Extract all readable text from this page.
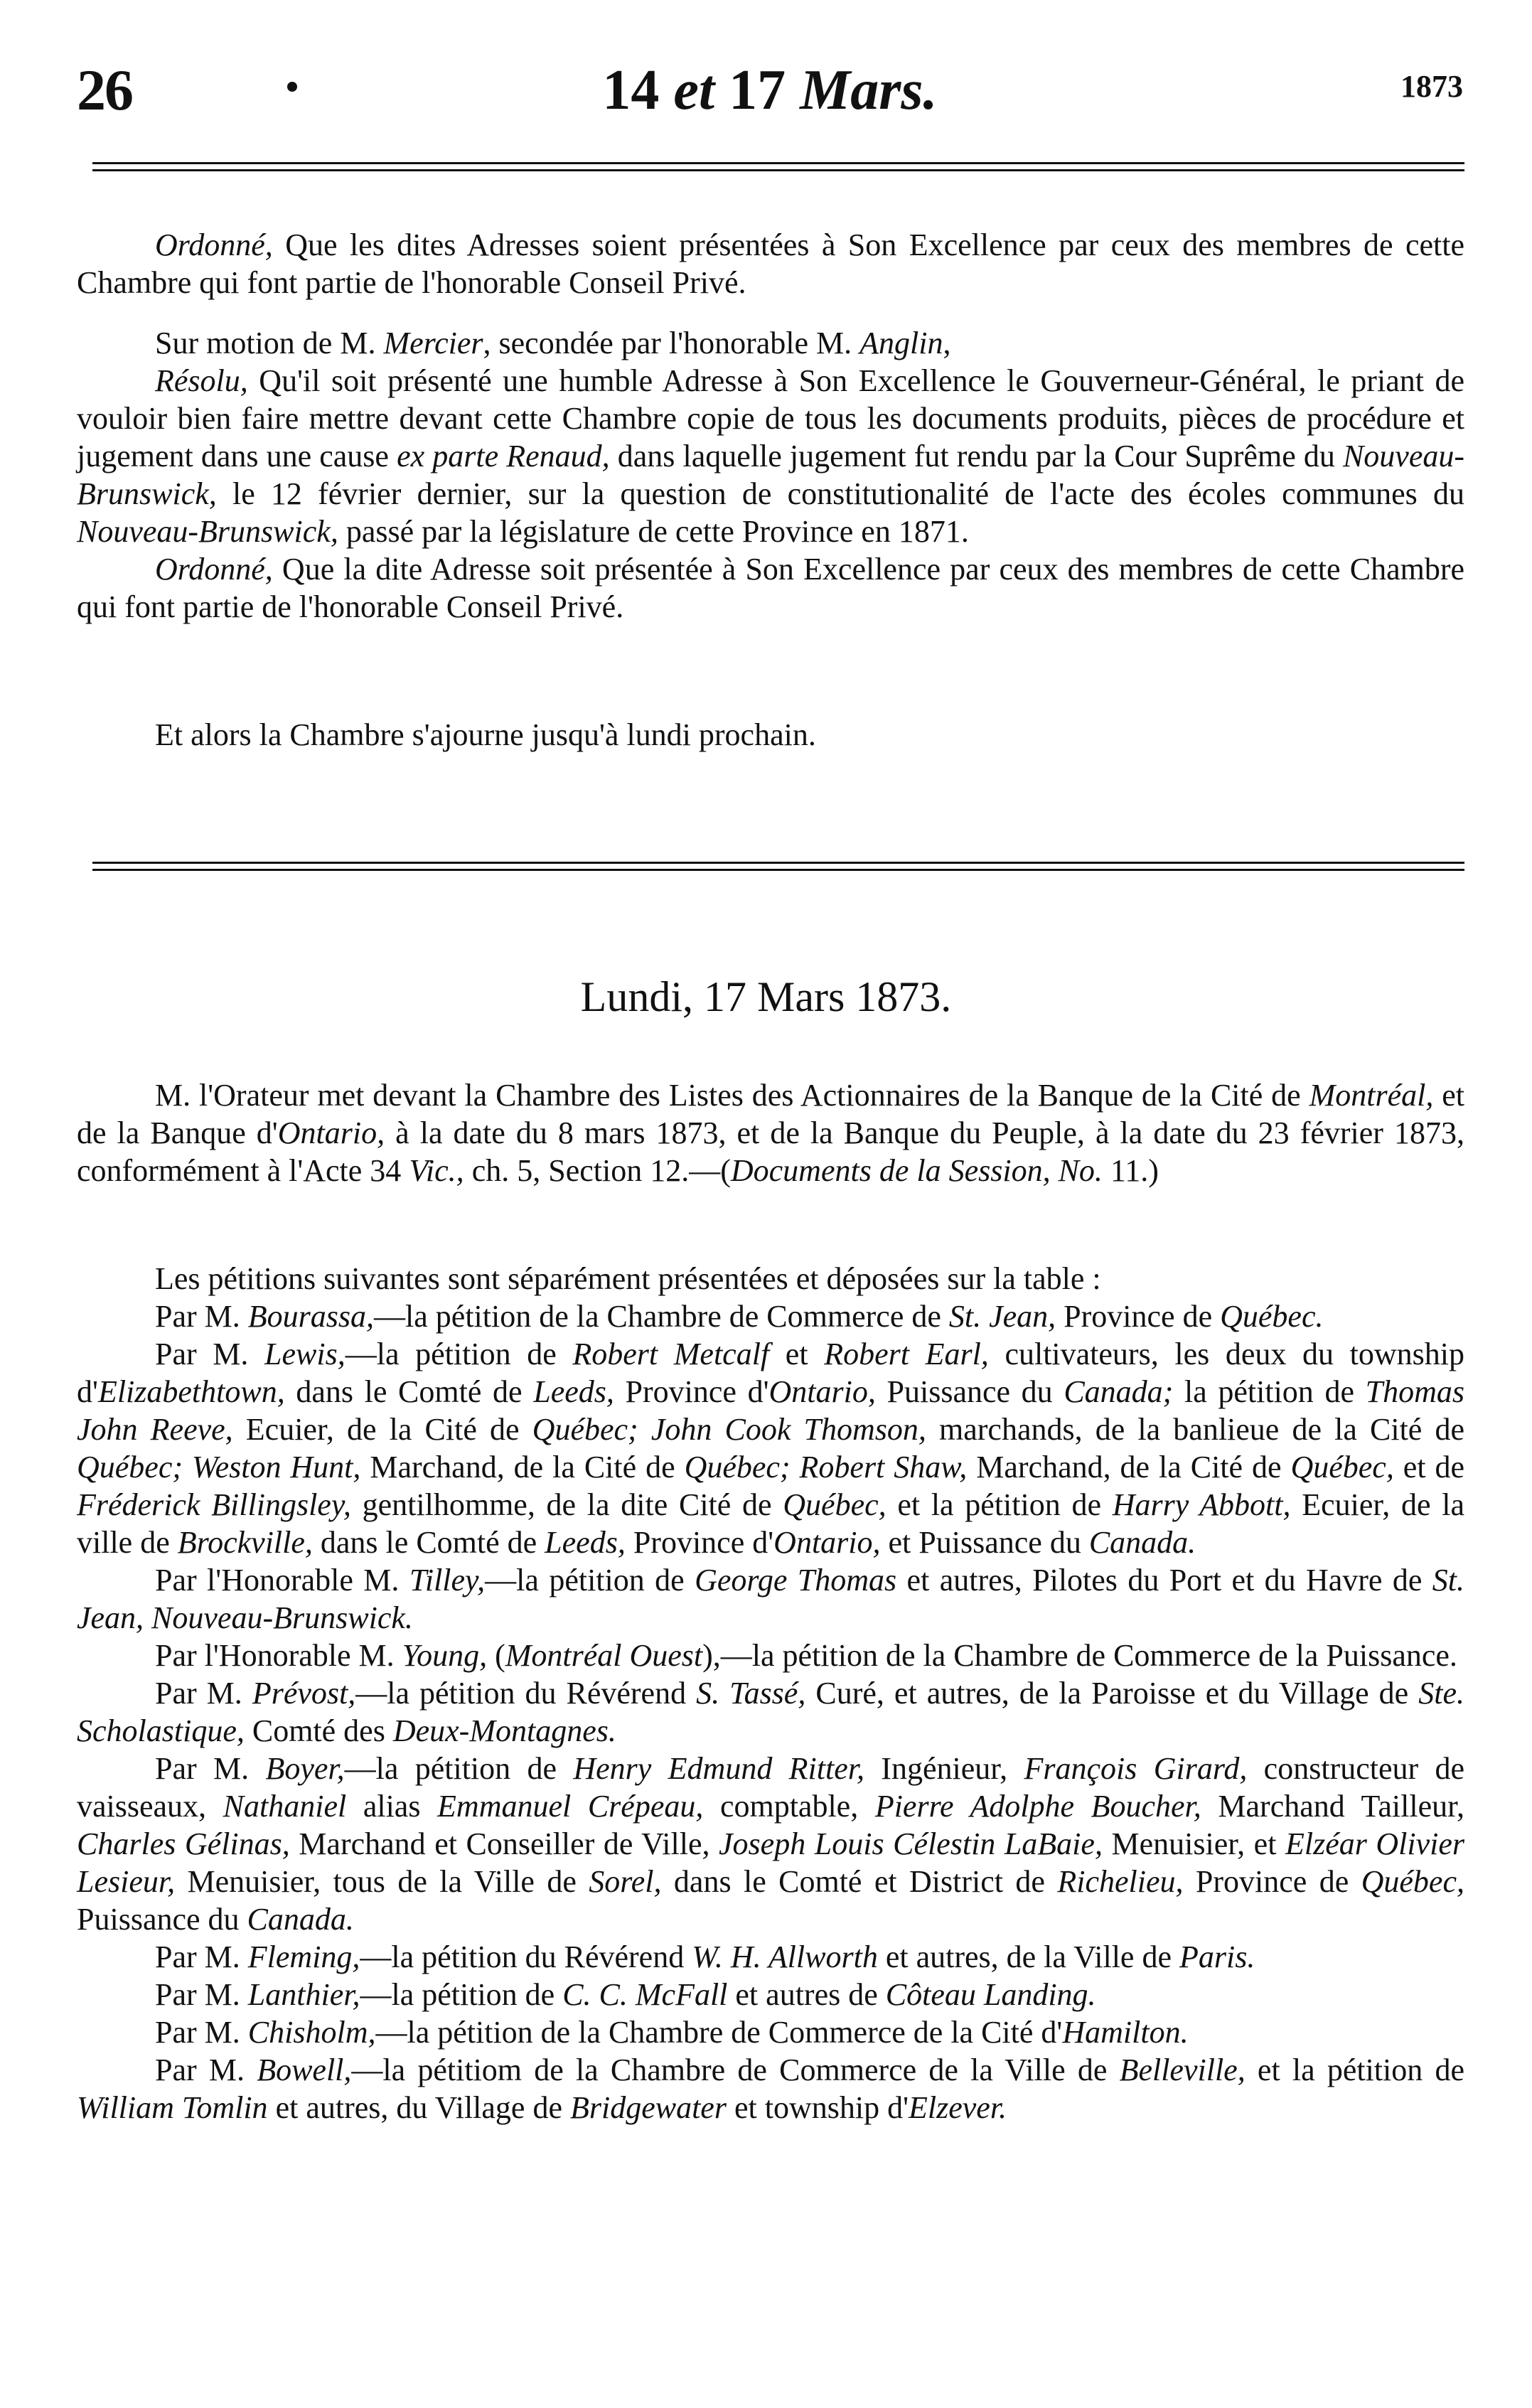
26	14 et 17 Mars.	1873

Ordonné, Que les dites Adresses soient présentées à Son Excellence par ceux des membres de cette Chambre qui font partie de l'honorable Conseil Privé.

Sur motion de M. Mercier, secondée par l'honorable M. Anglin,

Résolu, Qu'il soit présenté une humble Adresse à Son Excellence le Gouverneur-Général, le priant de vouloir bien faire mettre devant cette Chambre copie de tous les documents produits, pièces de procédure et jugement dans une cause ex parte Renaud, dans laquelle jugement fut rendu par la Cour Suprême du Nouveau-Brunswick, le 12 février dernier, sur la question de constitutionalité de l'acte des écoles communes du Nouveau-Brunswick, passé par la législature de cette Province en 1871.

Ordonné, Que la dite Adresse soit présentée à Son Excellence par ceux des membres de cette Chambre qui font partie de l'honorable Conseil Privé.

Et alors la Chambre s'ajourne jusqu'à lundi prochain.
Lundi, 17 Mars 1873.

M. l'Orateur met devant la Chambre des Listes des Actionnaires de la Banque de la Cité de Montréal, et de la Banque d'Ontario, à la date du 8 mars 1873, et de la Banque du Peuple, à la date du 23 février 1873, conformément à l'Acte 34 Vic., ch. 5, Section 12.—(Documents de la Session, No. 11.)

Les pétitions suivantes sont séparément présentées et déposées sur la table :

Par M. Bourassa,—la pétition de la Chambre de Commerce de St. Jean, Province de Québec.

Par M. Lewis,—la pétition de Robert Metcalf et Robert Earl, cultivateurs, les deux du township d'Elizabethtown, dans le Comté de Leeds, Province d'Ontario, Puissance du Canada; la pétition de Thomas John Reeve, Ecuier, de la Cité de Québec; John Cook Thomson, marchands, de la banlieue de la Cité de Québec; Weston Hunt, Marchand, de la Cité de Québec; Robert Shaw, Marchand, de la Cité de Québec, et de Fréderick Billingsley, gentilhomme, de la dite Cité de Québec, et la pétition de Harry Abbott, Ecuier, de la ville de Brockville, dans le Comté de Leeds, Province d'Ontario, et Puissance du Canada.

Par l'Honorable M. Tilley,—la pétition de George Thomas et autres, Pilotes du Port et du Havre de St. Jean, Nouveau-Brunswick.

Par l'Honorable M. Young, (Montréal Ouest),—la pétition de la Chambre de Commerce de la Puissance.

Par M. Prévost,—la pétition du Révérend S. Tassé, Curé, et autres, de la Paroisse et du Village de Ste. Scholastique, Comté des Deux-Montagnes.

Par M. Boyer,—la pétition de Henry Edmund Ritter, Ingénieur, François Girard, constructeur de vaisseaux, Nathaniel alias Emmanuel Crépeau, comptable, Pierre Adolphe Boucher, Marchand Tailleur, Charles Gélinas, Marchand et Conseiller de Ville, Joseph Louis Célestin LaBaie, Menuisier, et Elzéar Olivier Lesieur, Menuisier, tous de la Ville de Sorel, dans le Comté et District de Richelieu, Province de Québec, Puissance du Canada.

Par M. Fleming,—la pétition du Révérend W. H. Allworth et autres, de la Ville de Paris.

Par M. Lanthier,—la pétition de C. C. McFall et autres de Côteau Landing.

Par M. Chisholm,—la pétition de la Chambre de Commerce de la Cité d'Hamilton.

Par M. Bowell,—la pétitiom de la Chambre de Commerce de la Ville de Belleville, et la pétition de William Tomlin et autres, du Village de Bridgewater et township d'Elzever.
